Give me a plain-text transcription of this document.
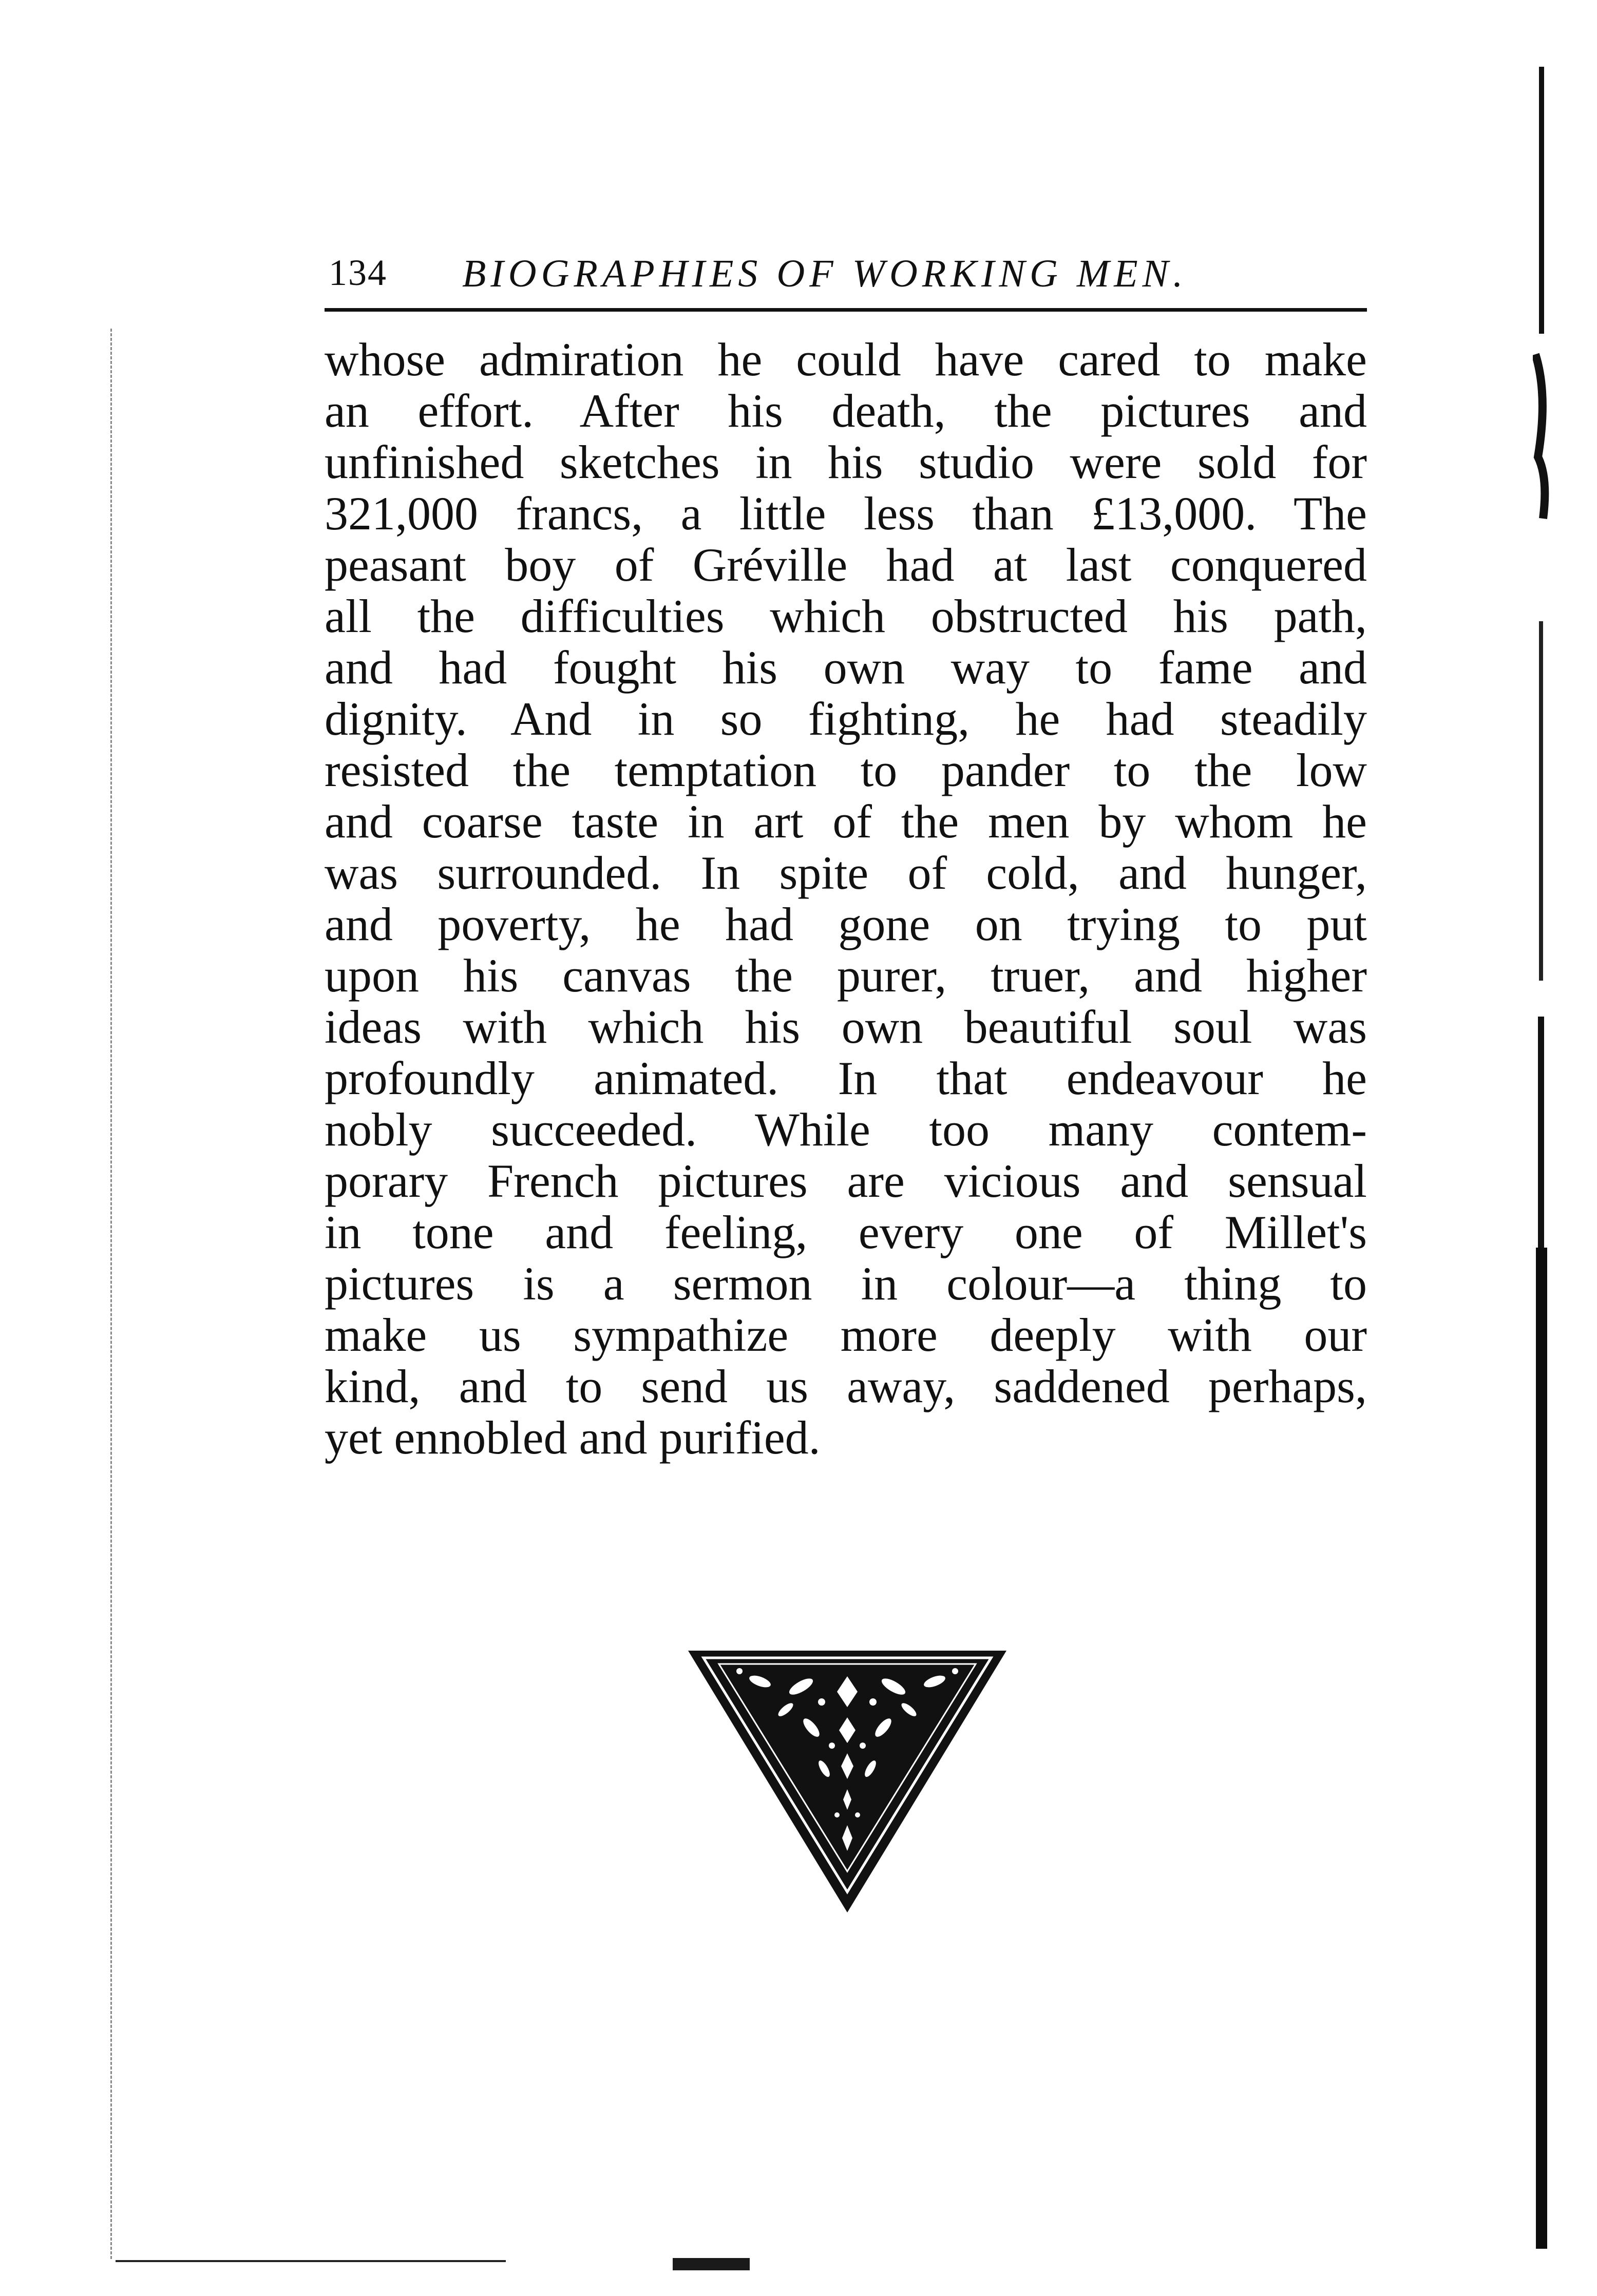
134 BIOGRAPHIES OF WORKING MEN.
whose admiration he could have cared to make
an effort. After his death, the pictures and
unfinished sketches in his studio were sold for
321,000 francs, a little less than £13,000. The
peasant boy of Gréville had at last conquered
all the difficulties which obstructed his path,
and had fought his own way to fame and
dignity. And in so fighting, he had steadily
resisted the temptation to pander to the low
and coarse taste in art of the men by whom he
was surrounded. In spite of cold, and hunger,
and poverty, he had gone on trying to put
upon his canvas the purer, truer, and higher
ideas with which his own beautiful soul was
profoundly animated. In that endeavour he
nobly succeeded. While too many contem-
porary French pictures are vicious and sensual
in tone and feeling, every one of Millet's
pictures is a sermon in colour—a thing to
make us sympathize more deeply with our
kind, and to send us away, saddened perhaps,
yet ennobled and purified.
